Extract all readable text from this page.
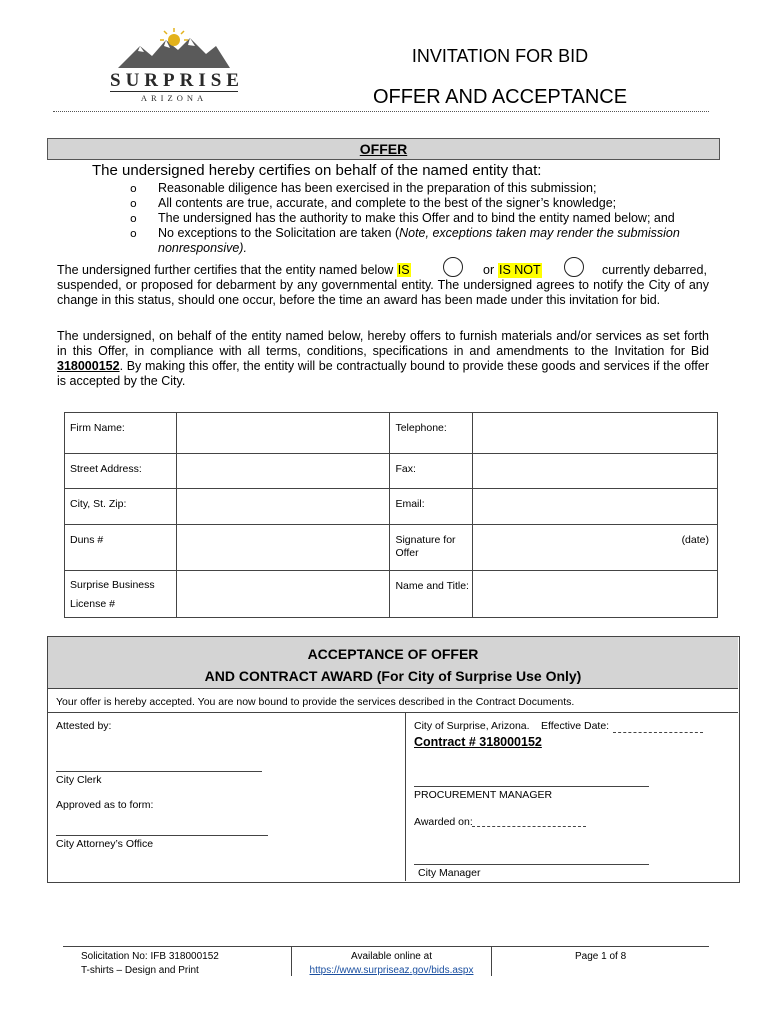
SURPRISE
ARIZONA
INVITATION FOR BID
OFFER AND ACCEPTANCE
OFFER
The undersigned hereby certifies on behalf of the named entity that:
o Reasonable diligence has been exercised in the preparation of this submission;
o All contents are true, accurate, and complete to the best of the signer’s knowledge;
o The undersigned has the authority to make this Offer and to bind the entity named below; and
o No exceptions to the Solicitation are taken (Note, exceptions taken may render the submission nonresponsive).
The undersigned further certifies that the entity named below IS	or IS NOT	currently debarred,
suspended, or proposed for debarment by any governmental entity. The undersigned agrees to notify the City of any change in this status, should one occur, before the time an award has been made under this invitation for bid.
The undersigned, on behalf of the entity named below, hereby offers to furnish materials and/or services as set forth in this Offer, in compliance with all terms, conditions, specifications in and amendments to the Invitation for Bid 318000152. By making this offer, the entity will be contractually bound to provide these goods and services if the offer is accepted by the City.
Firm Name:		Telephone:	

Street Address:		Fax:	

City, St. Zip:		Email:	

Duns #		Signature for Offer	(date)

Surprise Business License #		Name and Title:	

ACCEPTANCE OF OFFER
AND CONTRACT AWARD (For City of Surprise Use Only)
Your offer is hereby accepted. You are now bound to provide the services described in the Contract Documents.
Attested by:
City Clerk
Approved as to form:
City Attorney’s Office
City of Surprise, Arizona. Effective Date:
Contract # 318000152
PROCUREMENT MANAGER
Awarded on:
City Manager
Solicitation No: IFB 318000152
T-shirts – Design and Print
Available online at
https://www.surpriseaz.gov/bids.aspx
Page 1 of 8
